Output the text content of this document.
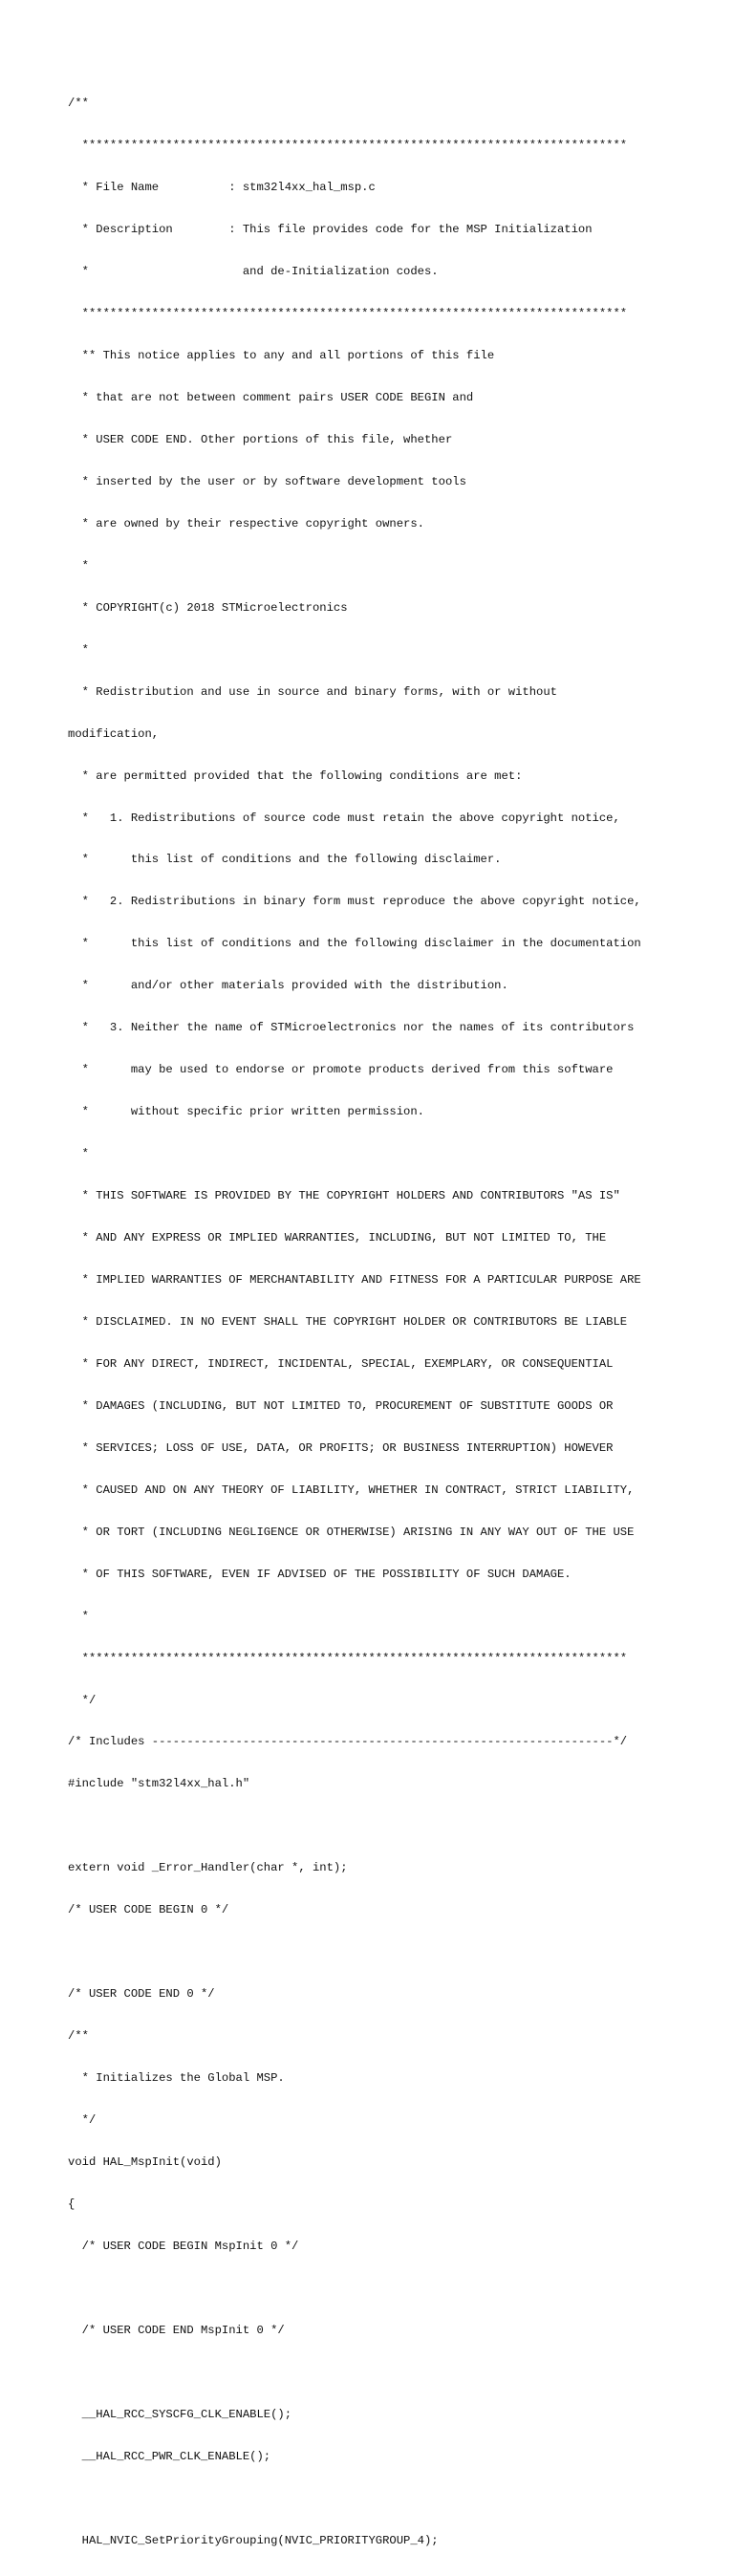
/**

******************************************************************************

* File Name          : stm32l4xx_hal_msp.c

* Description        : This file provides code for the MSP Initialization

*                      and de-Initialization codes.

******************************************************************************

** This notice applies to any and all portions of this file

* that are not between comment pairs USER CODE BEGIN and

* USER CODE END. Other portions of this file, whether

* inserted by the user or by software development tools

* are owned by their respective copyright owners.

*

* COPYRIGHT(c) 2018 STMicroelectronics

*

* Redistribution and use in source and binary forms, with or without

modification,

* are permitted provided that the following conditions are met:

*   1. Redistributions of source code must retain the above copyright notice,

*      this list of conditions and the following disclaimer.

*   2. Redistributions in binary form must reproduce the above copyright notice,

*      this list of conditions and the following disclaimer in the documentation

*      and/or other materials provided with the distribution.

*   3. Neither the name of STMicroelectronics nor the names of its contributors

*      may be used to endorse or promote products derived from this software

*      without specific prior written permission.

*

* THIS SOFTWARE IS PROVIDED BY THE COPYRIGHT HOLDERS AND CONTRIBUTORS "AS IS"

* AND ANY EXPRESS OR IMPLIED WARRANTIES, INCLUDING, BUT NOT LIMITED TO, THE

* IMPLIED WARRANTIES OF MERCHANTABILITY AND FITNESS FOR A PARTICULAR PURPOSE ARE

* DISCLAIMED. IN NO EVENT SHALL THE COPYRIGHT HOLDER OR CONTRIBUTORS BE LIABLE

* FOR ANY DIRECT, INDIRECT, INCIDENTAL, SPECIAL, EXEMPLARY, OR CONSEQUENTIAL

* DAMAGES (INCLUDING, BUT NOT LIMITED TO, PROCUREMENT OF SUBSTITUTE GOODS OR

* SERVICES; LOSS OF USE, DATA, OR PROFITS; OR BUSINESS INTERRUPTION) HOWEVER

* CAUSED AND ON ANY THEORY OF LIABILITY, WHETHER IN CONTRACT, STRICT LIABILITY,

* OR TORT (INCLUDING NEGLIGENCE OR OTHERWISE) ARISING IN ANY WAY OUT OF THE USE

* OF THIS SOFTWARE, EVEN IF ADVISED OF THE POSSIBILITY OF SUCH DAMAGE.

*

******************************************************************************

*/

/* Includes ------------------------------------------------------------------*/

#include "stm32l4xx_hal.h"

extern void _Error_Handler(char *, int);

/* USER CODE BEGIN 0 */

/* USER CODE END 0 */

/**

* Initializes the Global MSP.

*/

void HAL_MspInit(void)

{

/* USER CODE BEGIN MspInit 0 */

/* USER CODE END MspInit 0 */

__HAL_RCC_SYSCFG_CLK_ENABLE();

__HAL_RCC_PWR_CLK_ENABLE();

HAL_NVIC_SetPriorityGrouping(NVIC_PRIORITYGROUP_4);
